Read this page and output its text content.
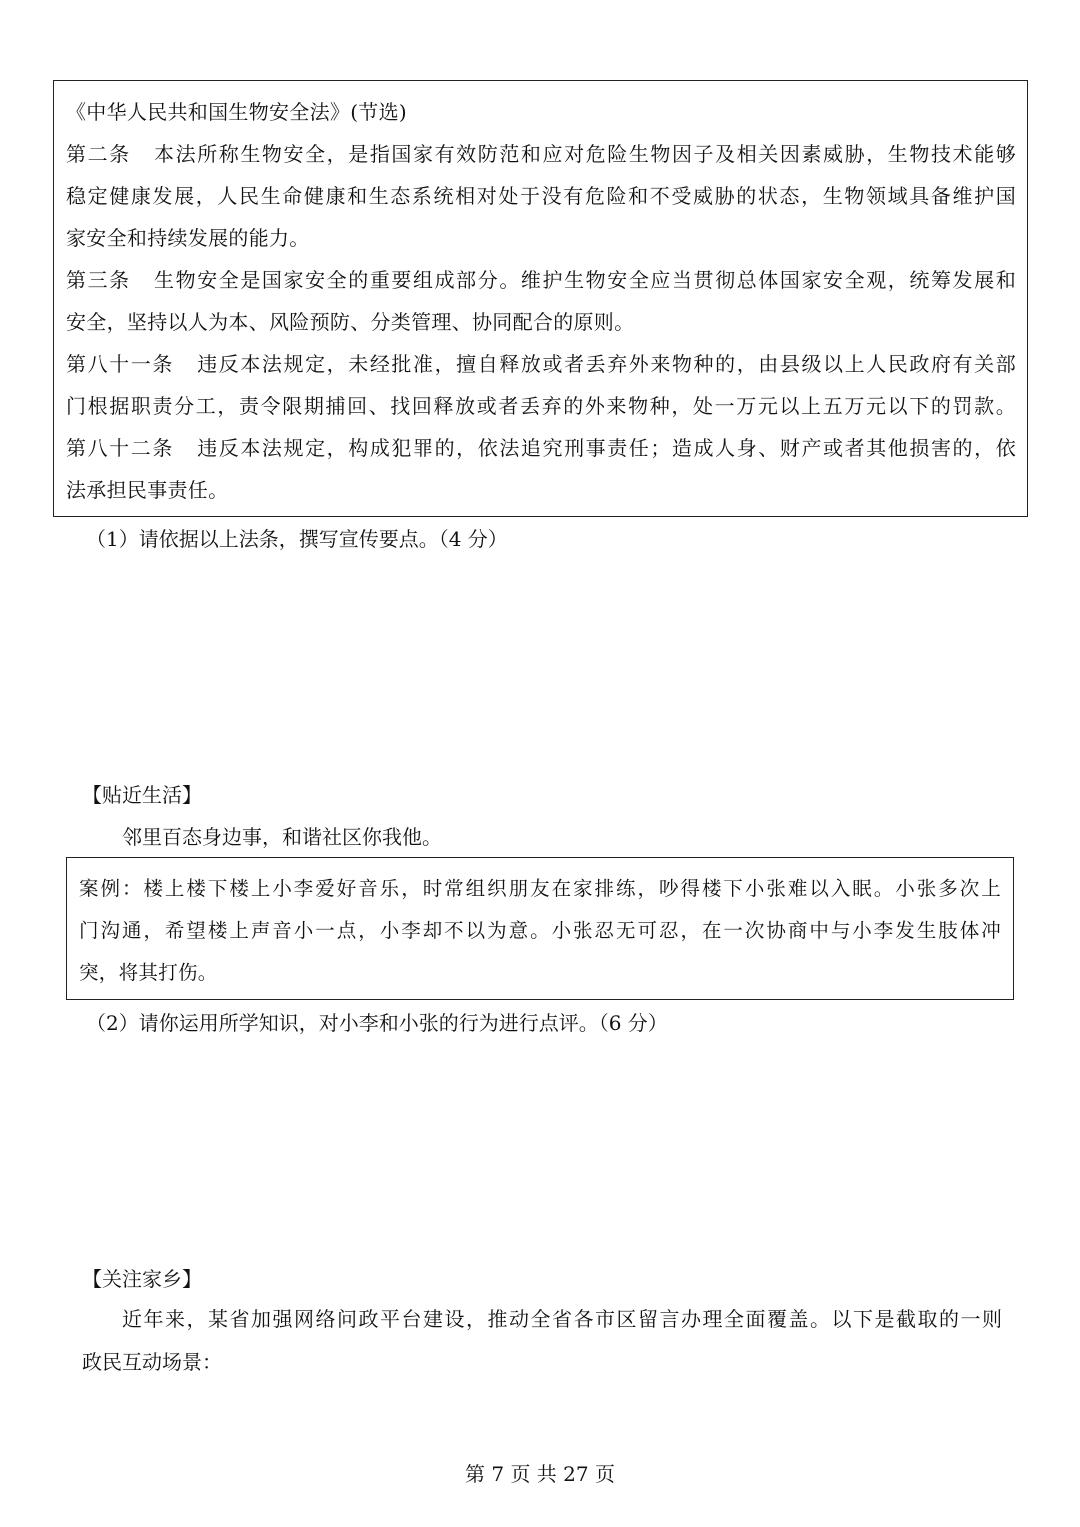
《中华人民共和国生物安全法》(节选)

第二条 本法所称生物安全，是指国家有效防范和应对危险生物因子及相关因素威胁，生物技术能够

稳定健康发展，人民生命健康和生态系统相对处于没有危险和不受威胁的状态，生物领域具备维护国

家安全和持续发展的能力。

第三条 生物安全是国家安全的重要组成部分。维护生物安全应当贯彻总体国家安全观，统筹发展和

安全，坚持以人为本、风险预防、分类管理、协同配合的原则。

第八十一条 违反本法规定，未经批准，擅自释放或者丢弃外来物种的，由县级以上人民政府有关部

门根据职责分工，责令限期捕回、找回释放或者丢弃的外来物种，处一万元以上五万元以下的罚款。

第八十二条 违反本法规定，构成犯罪的，依法追究刑事责任；造成人身、财产或者其他损害的，依

法承担民事责任。

（1）请依据以上法条，撰写宣传要点。（4 分）
【贴近生活】
邻里百态身边事，和谐社区你我他。

案例：楼上楼下楼上小李爱好音乐，时常组织朋友在家排练，吵得楼下小张难以入眠。小张多次上

门沟通，希望楼上声音小一点，小李却不以为意。小张忍无可忍，在一次协商中与小李发生肢体冲

突，将其打伤。

（2）请你运用所学知识，对小李和小张的行为进行点评。（6 分）
【关注家乡】
近年来，某省加强网络问政平台建设，推动全省各市区留言办理全面覆盖。以下是截取的一则
政民互动场景：
第 7 页 共 27 页
